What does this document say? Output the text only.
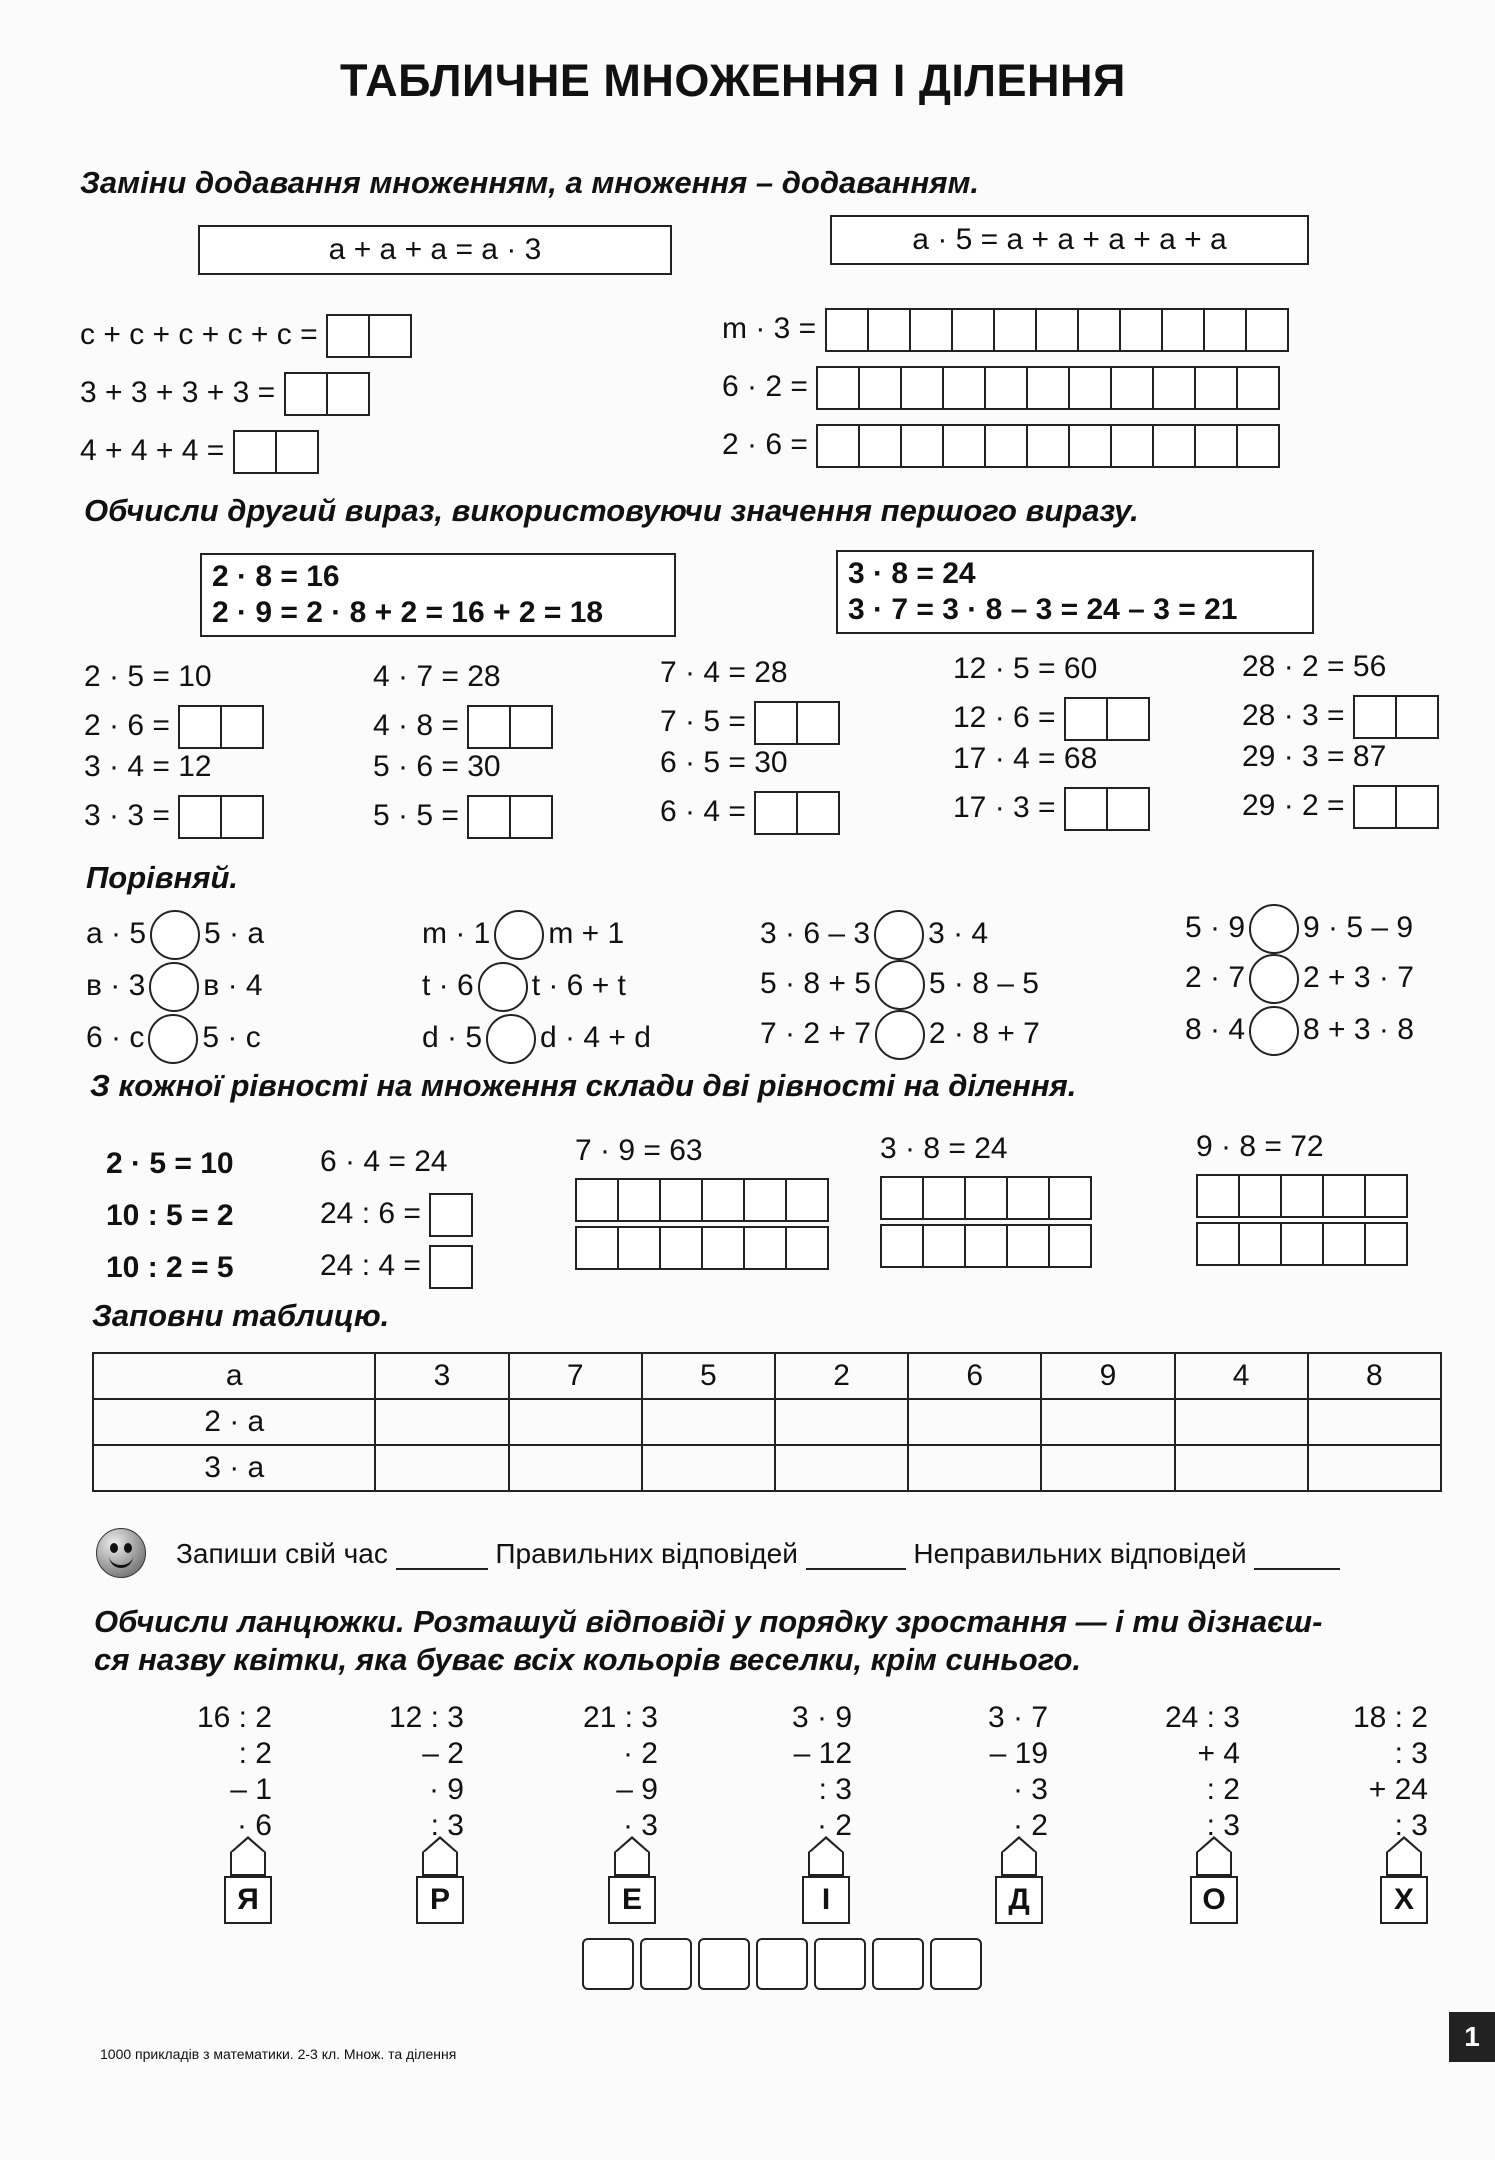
ТАБЛИЧНЕ МНОЖЕННЯ І ДІЛЕННЯ
Заміни додавання множенням, а множення – додаванням.
a + a + a = a · 3	a · 5 = a + a + a + a + a
c + c + c + c + c =
3 + 3 + 3 + 3 =
4 + 4 + 4 =
m · 3 =
6 · 2 =
2 · 6 =
Обчисли другий вираз, використовуючи значення першого виразу.
2 · 8 = 16
2 · 9 = 2 · 8 + 2 = 16 + 2 = 18
3 · 8 = 24
3 · 7 = 3 · 8 – 3 = 24 – 3 = 21
2 · 5 = 10
2 · 6 =
3 · 4 = 12
3 · 3 =
4 · 7 = 28
4 · 8 =
5 · 6 = 30
5 · 5 =
7 · 4 = 28
7 · 5 =
6 · 5 = 30
6 · 4 =
12 · 5 = 60
12 · 6 =
17 · 4 = 68
17 · 3 =
28 · 2 = 56
28 · 3 =
29 · 3 = 87
29 · 2 =
Порівняй.
a · 5 5 · a	m · 1 m + 1	3 · 6 – 3 3 · 4	5 · 9 9 · 5 – 9
в · 3 в · 4	t · 6 t · 6 + t	5 · 8 + 5 5 · 8 – 5	2 · 7 2 + 3 · 7
6 · c 5 · c	d · 5 d · 4 + d	7 · 2 + 7 2 · 8 + 7	8 · 4 8 + 3 · 8
З кожної рівності на множення склади дві рівності на ділення.
2 · 5 = 10
10 : 5 = 2
10 : 2 = 5
6 · 4 = 24
24 : 6 =
24 : 4 =
7 · 9 = 63	3 · 8 = 24	9 · 8 = 72
Заповни таблицю.
a	3	7	5	2	6	9	4	8
2 · a								
3 · a								
Запиши свій час	Правильних відповідей	Неправильних відповідей
Обчисли ланцюжки. Розташуй відповіді у порядку зростання — і ти дізнаєш-
ся назву квітки, яка буває всіх кольорів веселки, крім синього.
16 : 2
: 2
– 1
· 6
12 : 3
– 2
· 9
: 3
21 : 3
· 2
– 9
· 3
3 · 9
– 12
: 3
· 2
3 · 7
– 19
· 3
· 2
24 : 3
+ 4
: 2
: 3
18 : 2
: 3
+ 24
: 3
Я	Р	Е	І	Д	О	Х
1000 прикладів з математики. 2-3 кл. Множ. та ділення
1
